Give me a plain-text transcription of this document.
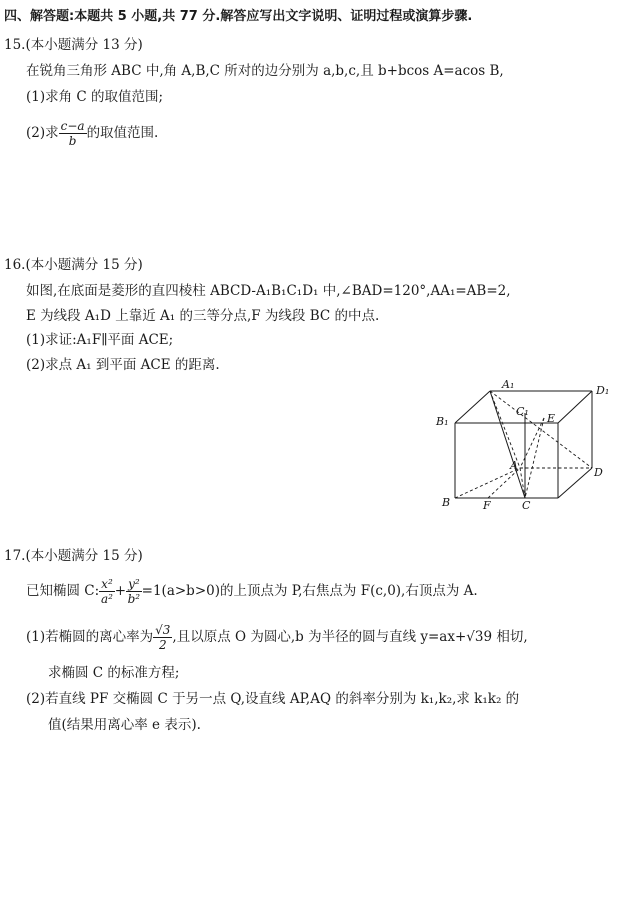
四、解答题:本题共 5 小题,共 77 分.解答应写出文字说明、证明过程或演算步骤.
15.(本小题满分 13 分)
在锐角三角形 ABC 中,角 A,B,C 所对的边分别为 a,b,c,且 b+bcos A=acos B,
(1)求角 C 的取值范围;
(2)求 $\frac{c-a}{b}$ 的取值范围.
16.(本小题满分 15 分)
如图,在底面是菱形的直四棱柱 ABCD-A₁B₁C₁D₁ 中,∠BAD=120°,AA₁=AB=2,
E 为线段 A₁D 上靠近 A₁ 的三等分点,F 为线段 BC 的中点.
(1)求证:A₁F∥平面 ACE;
(2)求点 A₁ 到平面 ACE 的距离.
A₁	D₁
B₁
C₁
E
A
D
B	F	C
17.(本小题满分 15 分)
已知椭圆 C: $\frac{\text{x²}}{\text{a²}} + \frac{\text{y²}}{\text{b²}} =1(a>b>0)$的上顶点为 P,右焦点为 F(c,0),右顶点为 A.
(1)若椭圆的离心率为 $\frac{√3}{2}$ ,且以原点 O 为圆心,b 为半径的圆与直线 y=ax+√39 相切,
求椭圆 C 的标准方程;
(2)若直线 PF 交椭圆 C 于另一点 Q,设直线 AP,AQ 的斜率分别为 k₁,k₂,求 k₁k₂ 的
值(结果用离心率 e 表示).
